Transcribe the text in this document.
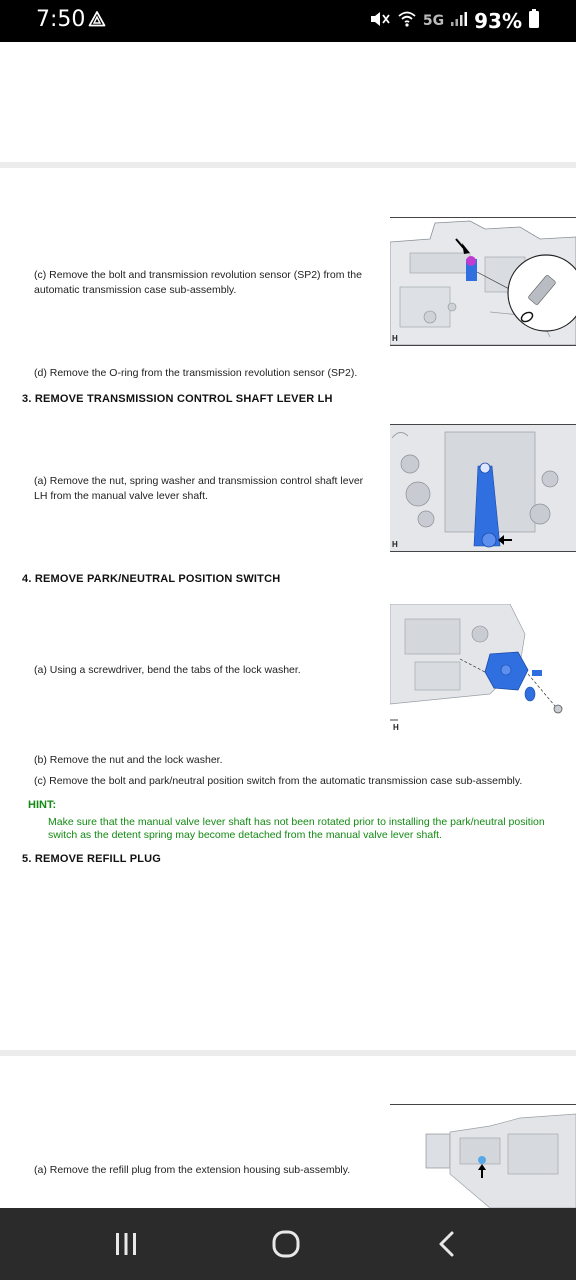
7:50	5G 93%
(c) Remove the bolt and transmission revolution sensor (SP2) from the automatic transmission case sub-assembly.
H
(d) Remove the O-ring from the transmission revolution sensor (SP2).
3. REMOVE TRANSMISSION CONTROL SHAFT LEVER LH
(a) Remove the nut, spring washer and transmission control shaft lever LH from the manual valve lever shaft.
H
4. REMOVE PARK/NEUTRAL POSITION SWITCH
(a) Using a screwdriver, bend the tabs of the lock washer.
H
(b) Remove the nut and the lock washer.
(c) Remove the bolt and park/neutral position switch from the automatic transmission case sub-assembly.
HINT:
Make sure that the manual valve lever shaft has not been rotated prior to installing the park/neutral position switch as the detent spring may become detached from the manual valve lever shaft.
5. REMOVE REFILL PLUG
(a) Remove the refill plug from the extension housing sub-assembly.
